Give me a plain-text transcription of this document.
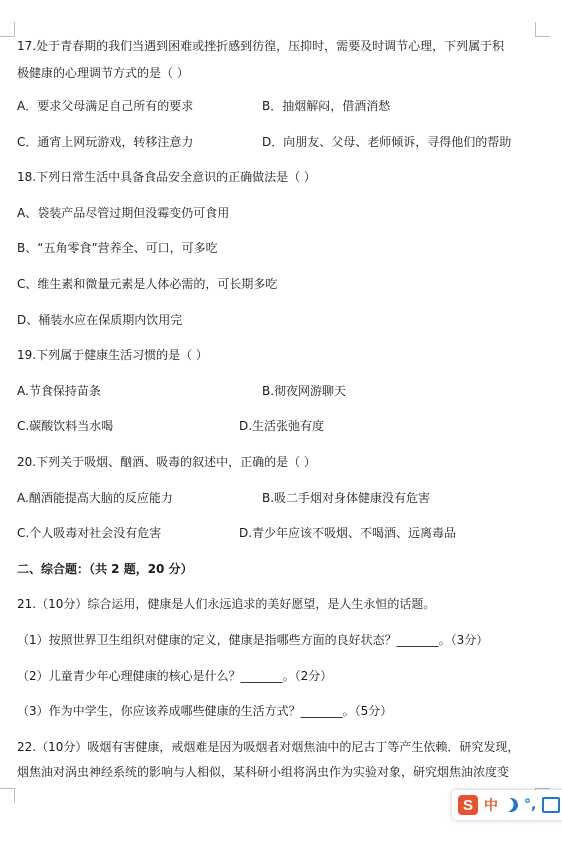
17.处于青春期的我们当遇到困难或挫折感到彷徨，压抑时，需要及时调节心理，下列属于积
极健康的心理调节方式的是（ ）
A．要求父母满足自己所有的要求	B．抽烟解闷，借酒消愁
C．通宵上网玩游戏，转移注意力	D．向朋友、父母、老师倾诉，寻得他们的帮助
18.下列日常生活中具备食品安全意识的正确做法是（ ）
A、袋装产品尽管过期但没霉变仍可食用
B、“五角零食”营养全、可口，可多吃
C、维生素和微量元素是人体必需的，可长期多吃
D、桶装水应在保质期内饮用完
19.下列属于健康生活习惯的是（ ）
A.节食保持苗条	B.彻夜网游聊天
C.碳酸饮料当水喝	D.生活张弛有度
20.下列关于吸烟、酗酒、吸毒的叙述中，正确的是（ ）
A.酗酒能提高大脑的反应能力	B.吸二手烟对身体健康没有危害
C.个人吸毒对社会没有危害	D.青少年应该不吸烟、不喝酒、远离毒品
二、综合题：（共 2 题，20 分）
21.（10分）综合运用，健康是人们永远追求的美好愿望，是人生永恒的话题。
（1）按照世界卫生组织对健康的定义，健康是指哪些方面的良好状态？_______。（3分）
（2）儿童青少年心理健康的核心是什么？_______。（2分）
（3）作为中学生，你应该养成哪些健康的生活方式？_______。（5分）
22.（10分）吸烟有害健康，戒烟难是因为吸烟者对烟焦油中的尼古丁等产生依赖．研究发现，
烟焦油对涡虫神经系统的影响与人相似，某科研小组将涡虫作为实验对象，研究烟焦油浓度变
S 中 °,
